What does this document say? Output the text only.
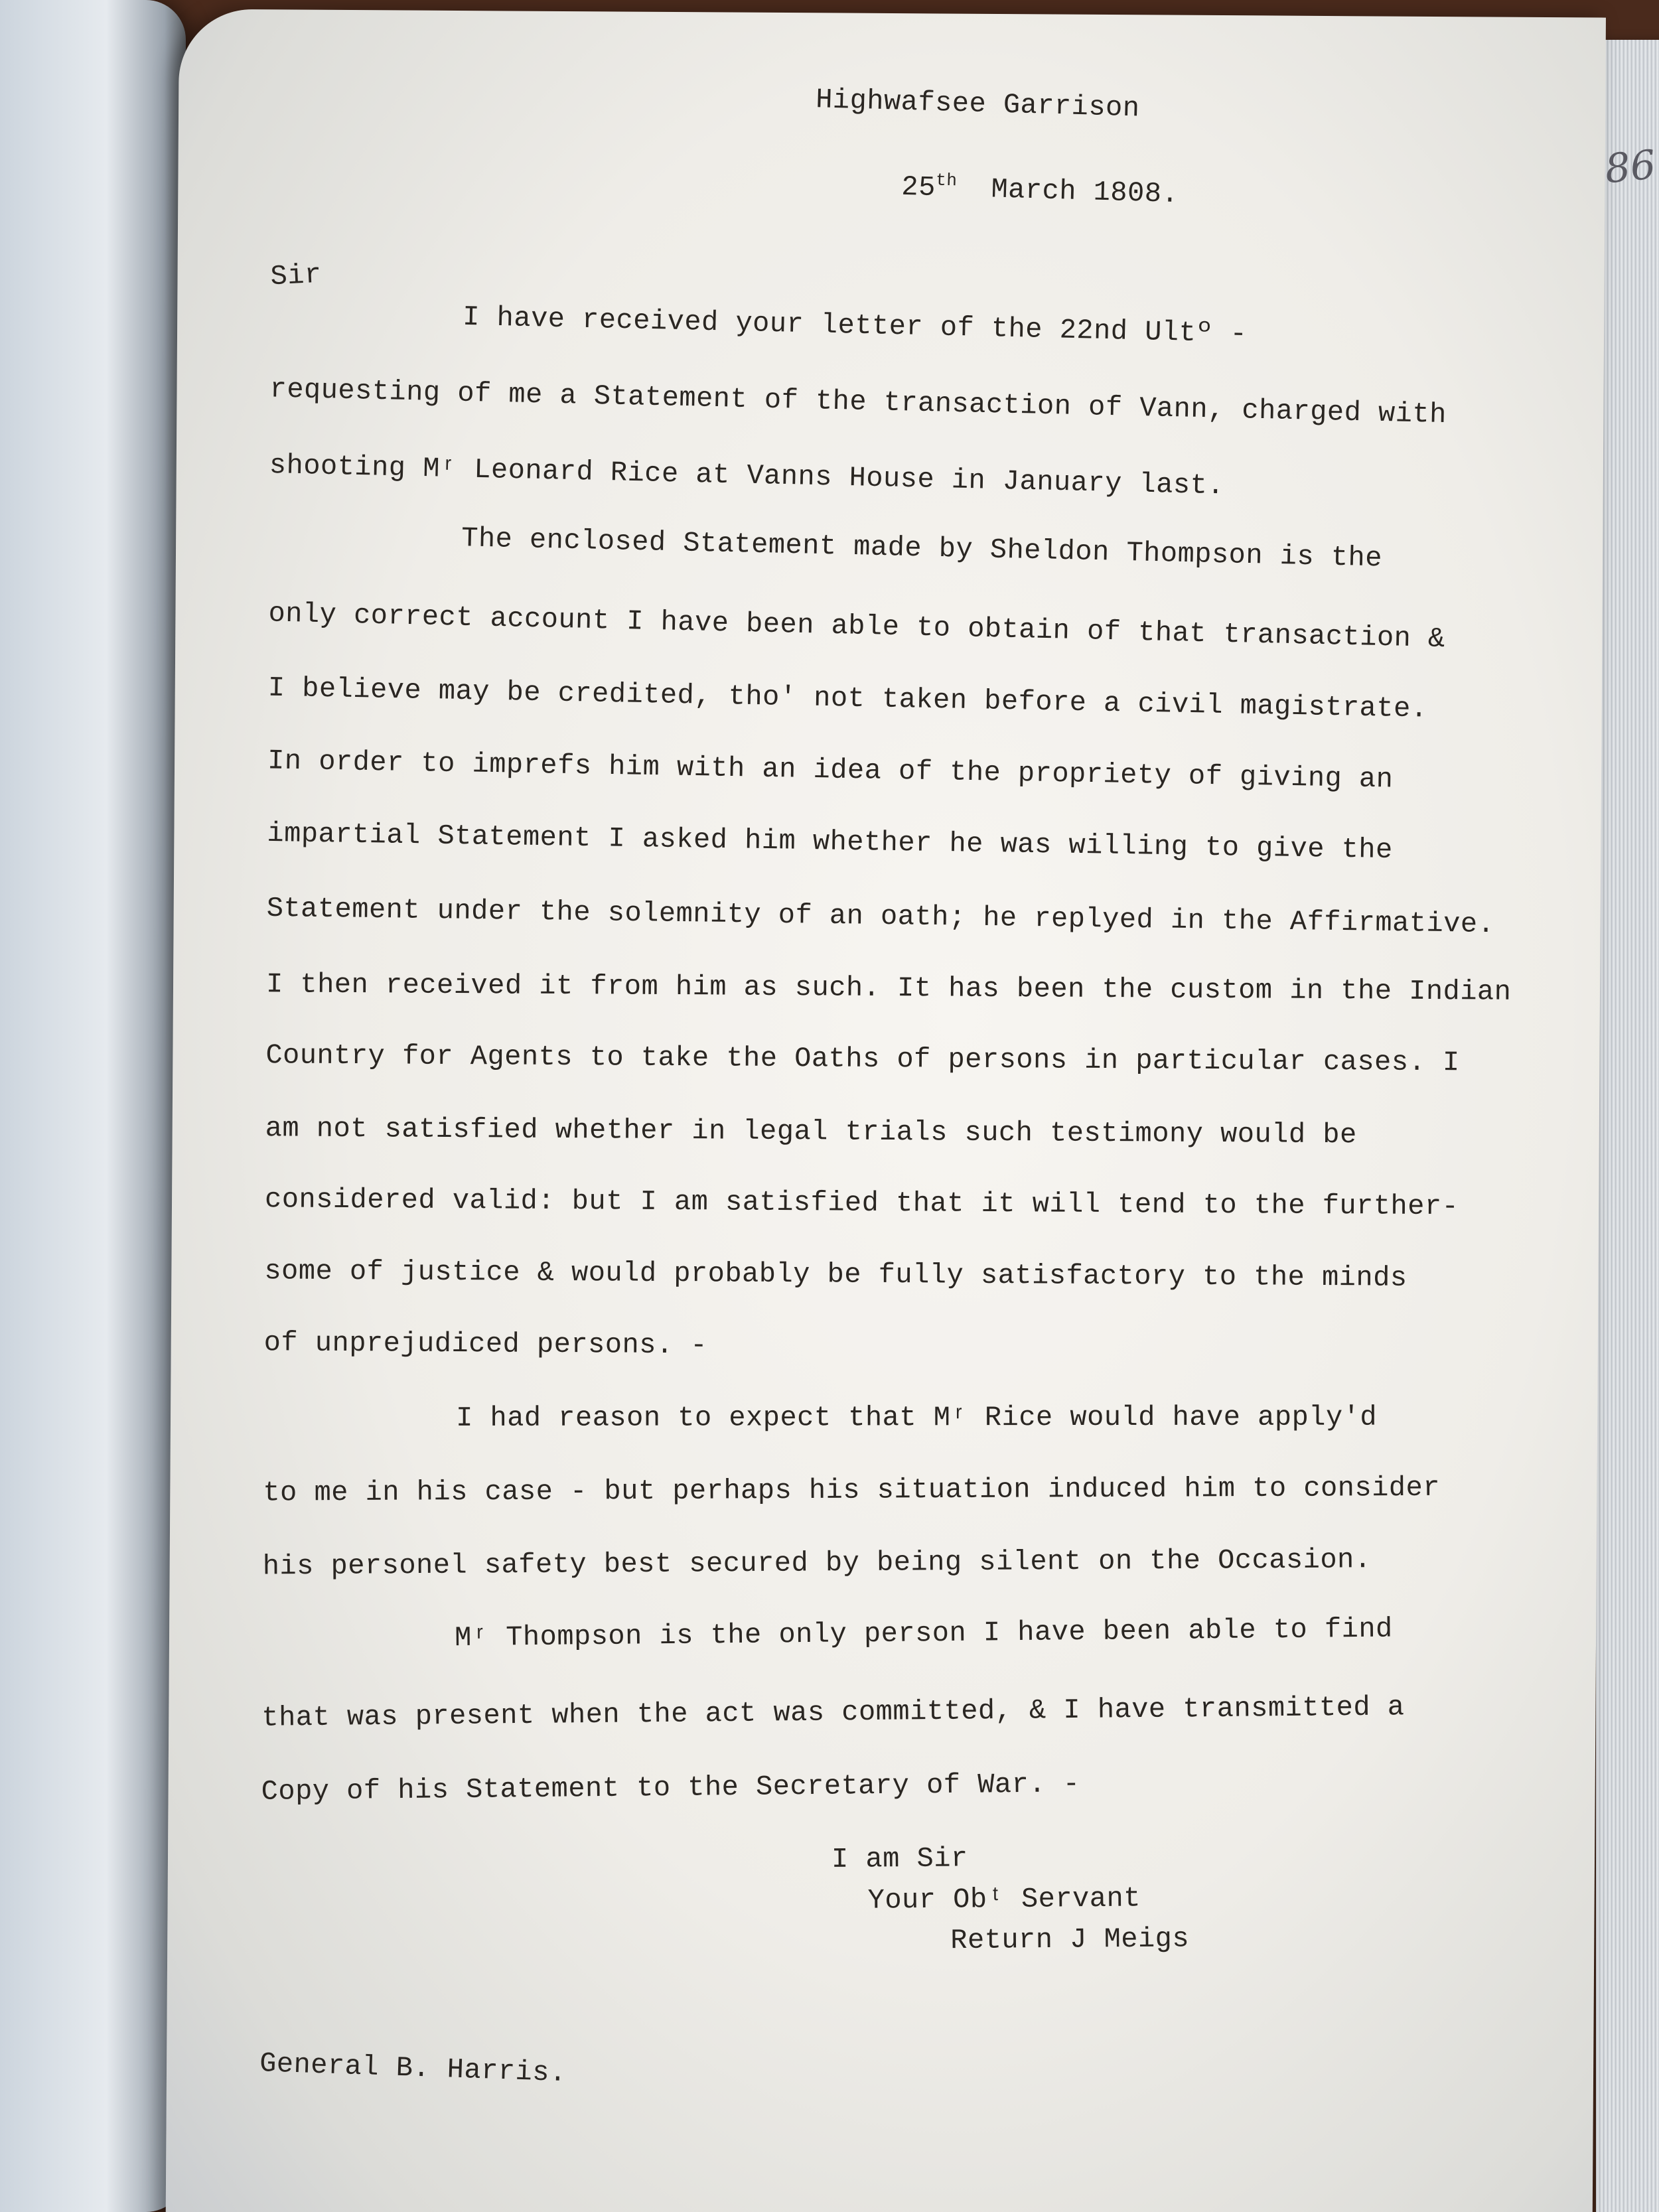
86
Highwafsee Garrison
25th March 1808.
Sir
I have received your letter of the 22nd Ultº -
requesting of me a Statement of the transaction of Vann, charged with
shooting Mʳ Leonard Rice at Vanns House in January last.
The enclosed Statement made by Sheldon Thompson is the
only correct account I have been able to obtain of that transaction &
I believe may be credited, tho' not taken before a civil magistrate.
In order to imprefs him with an idea of the propriety of giving an
impartial Statement I asked him whether he was willing to give the
Statement under the solemnity of an oath; he replyed in the Affirmative.
I then received it from him as such. It has been the custom in the Indian
Country for Agents to take the Oaths of persons in particular cases. I
am not satisfied whether in legal trials such testimony would be
considered valid: but I am satisfied that it will tend to the further-
some of justice & would probably be fully satisfactory to the minds
of unprejudiced persons. -
I had reason to expect that Mʳ Rice would have apply'd
to me in his case - but perhaps his situation induced him to consider
his personel safety best secured by being silent on the Occasion.
Mʳ Thompson is the only person I have been able to find
that was present when the act was committed, & I have transmitted a
Copy of his Statement to the Secretary of War. -
I am Sir
Your Obᵗ Servant
Return J Meigs
General B. Harris.
